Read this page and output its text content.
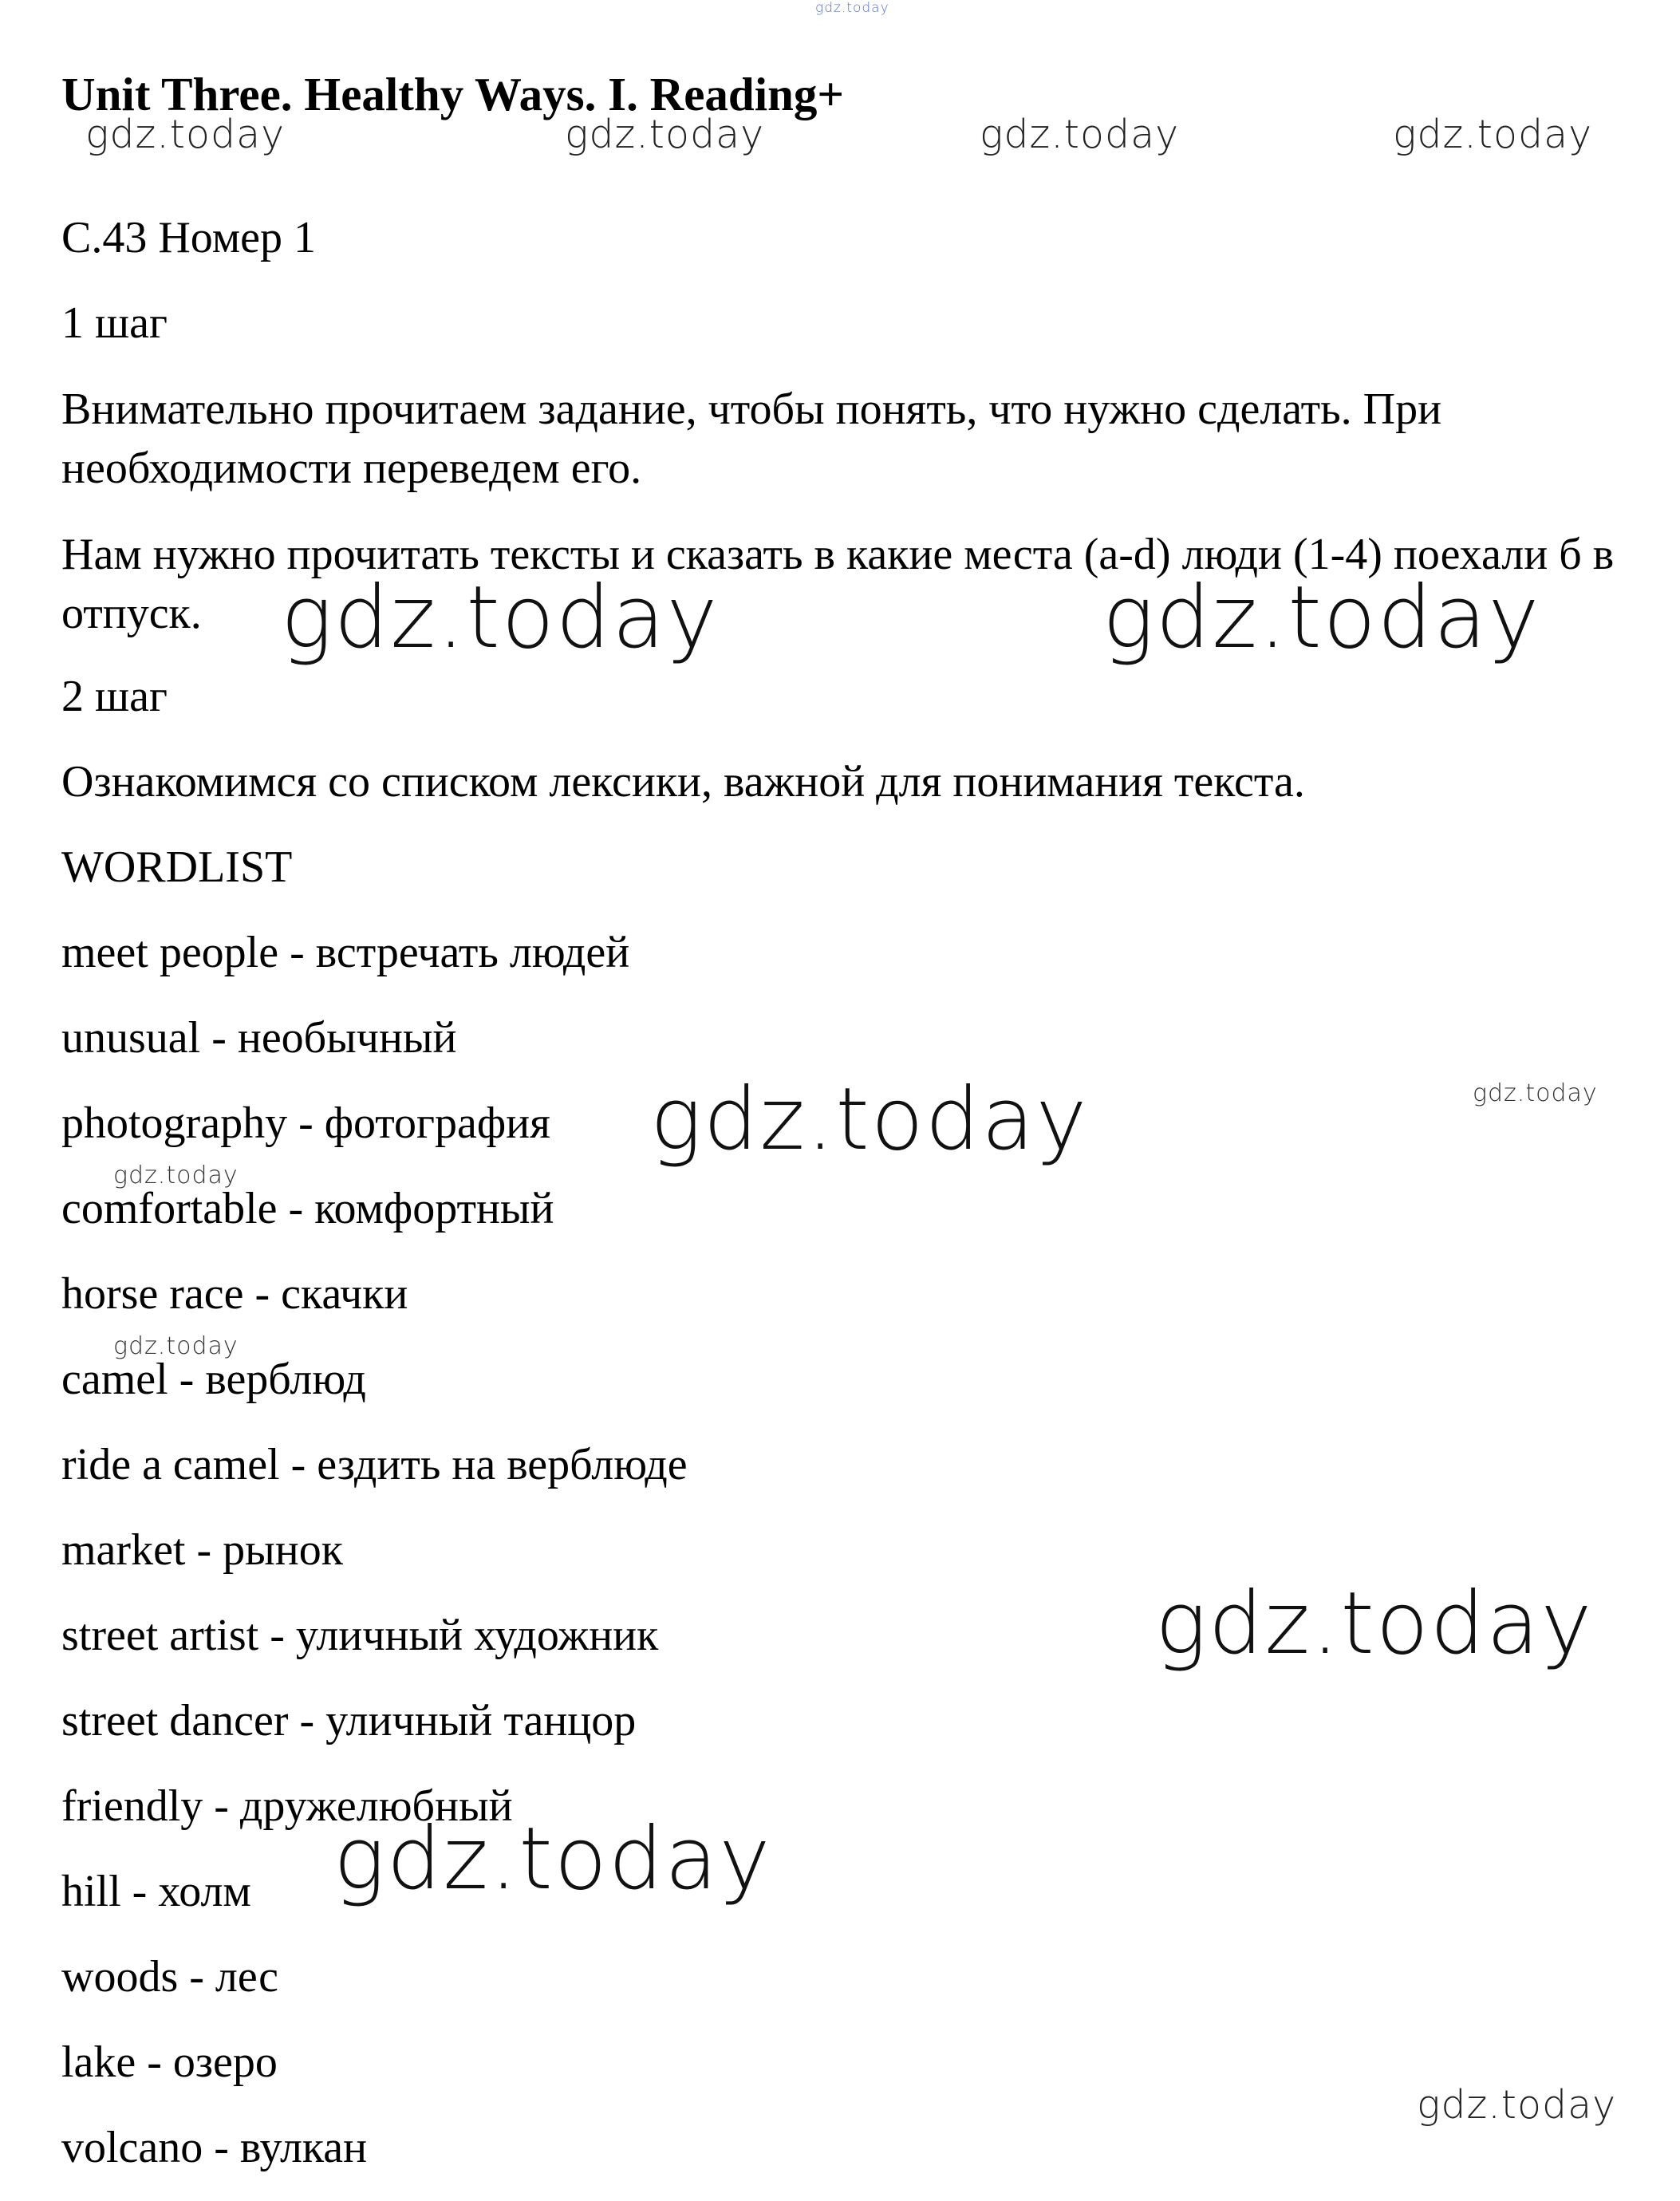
gdz.today
Unit Three. Healthy Ways. I. Reading+
gdz.today	gdz.today	gdz.today	gdz.today
С.43 Номер 1
1 шаг
Внимательно прочитаем задание, чтобы понять, что нужно сделать. При необходимости переведем его.
Нам нужно прочитать тексты и сказать в какие места (a-d) люди (1-4) поехали б в отпуск. gdz.today	gdz.today
2 шаг
Ознакомимся со списком лексики, важной для понимания текста.
WORDLIST
meet people - встречать людей
unusual - необычный
photography - фотография
comfortable - комфортный
horse race - скачки
camel - верблюд
ride a camel - ездить на верблюде
market - рынок
street artist - уличный художник
street dancer - уличный танцор
friendly - дружелюбный
hill - холм
woods - лес
lake - озеро
volcano - вулкан
gdz.today	gdz.today
gdz.today
gdz.today
gdz.today
gdz.today
gdz.today
